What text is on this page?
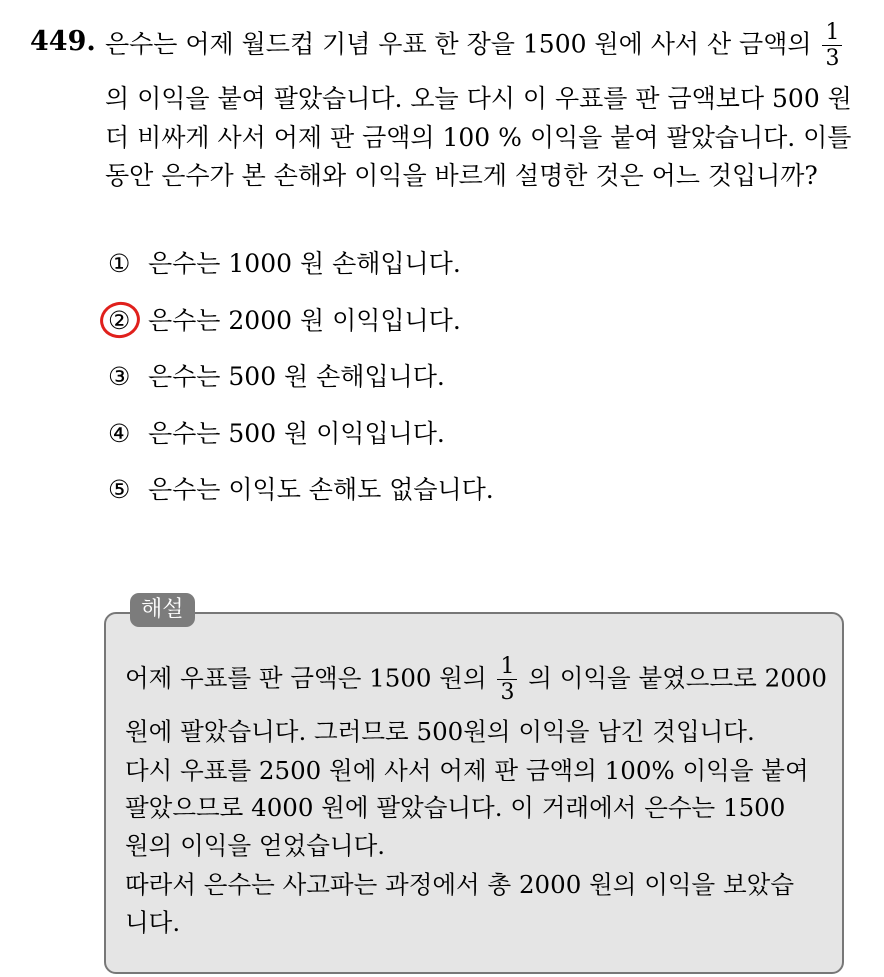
449. 은수는 어제 월드컵 기념 우표 한 장을 1500 원에 사서 산 금액의 $\frac{1}{3}$
의 이익을 붙여 팔았습니다. 오늘 다시 이 우표를 판 금액보다 500 원
더 비싸게 사서 어제 판 금액의 100 % 이익을 붙여 팔았습니다. 이틀
동안 은수가 본 손해와 이익을 바르게 설명한 것은 어느 것입니까?
① 은수는 1000 원 손해입니다.
② 은수는 2000 원 이익입니다.
③ 은수는 500 원 손해입니다.
④ 은수는 500 원 이익입니다.
⑤ 은수는 이익도 손해도 없습니다.
해설
어제 우표를 판 금액은 1500 원의 $\frac{1}{3}$ 의 이익을 붙였으므로 2000
원에 팔았습니다. 그러므로 500원의 이익을 남긴 것입니다.
다시 우표를 2500 원에 사서 어제 판 금액의 100% 이익을 붙여
팔았으므로 4000 원에 팔았습니다. 이 거래에서 은수는 1500
원의 이익을 얻었습니다.
따라서 은수는 사고파는 과정에서 총 2000 원의 이익을 보았습
니다.
